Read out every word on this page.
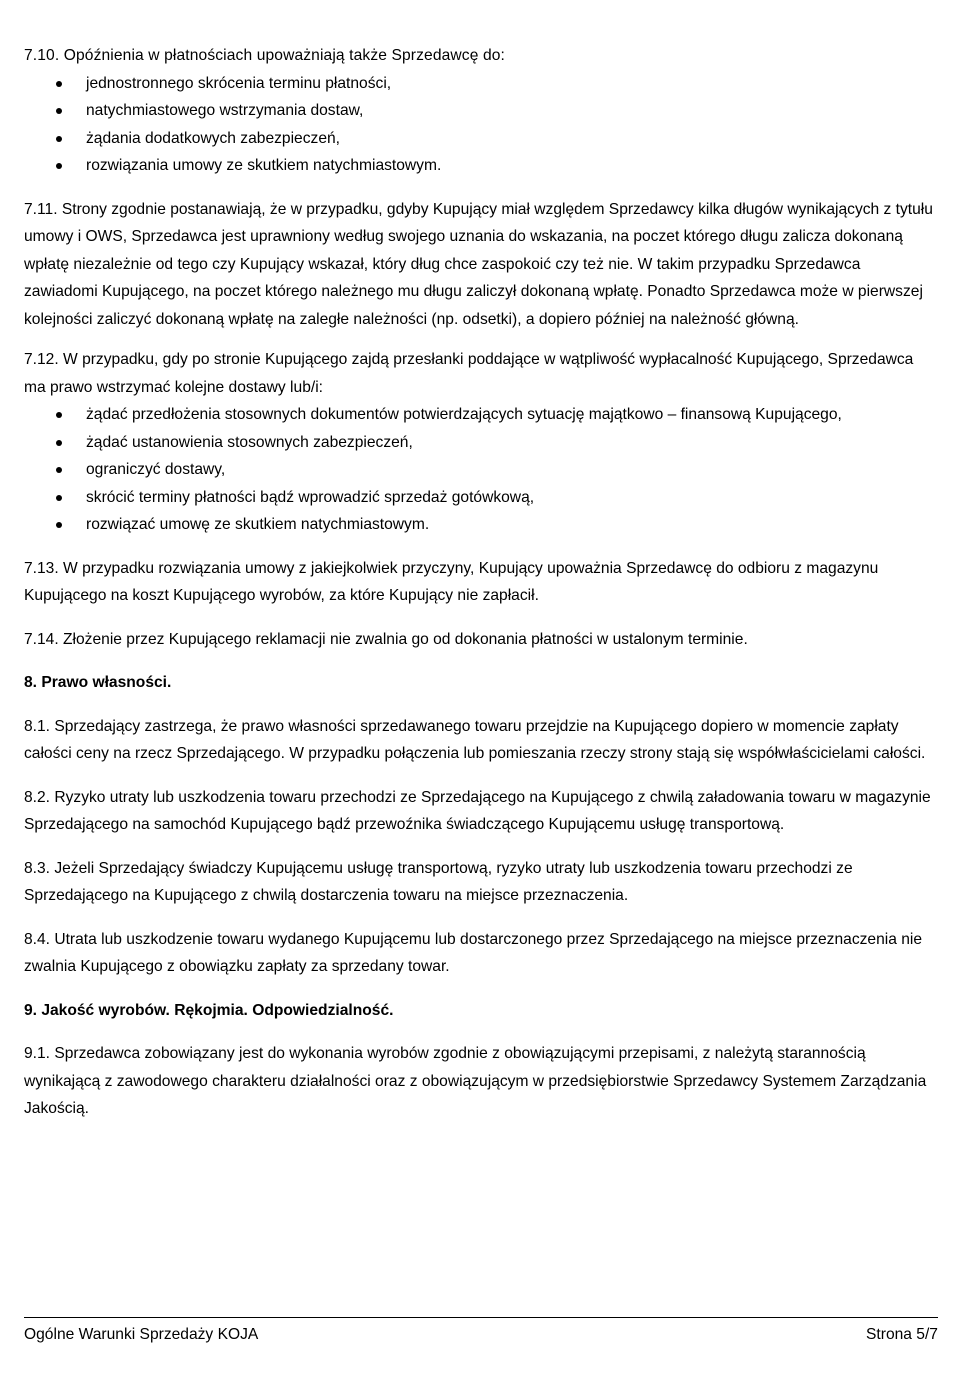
7.10. Opóźnienia w płatnościach upoważniają także Sprzedawcę do:

jednostronnego skrócenia terminu płatności,
natychmiastowego wstrzymania dostaw,
żądania dodatkowych zabezpieczeń,
rozwiązania umowy ze skutkiem natychmiastowym.

7.11. Strony zgodnie postanawiają, że w przypadku, gdyby Kupujący miał względem Sprzedawcy kilka długów wynikających z tytułu umowy i OWS, Sprzedawca jest uprawniony według swojego uznania do wskazania, na poczet którego długu zalicza dokonaną wpłatę niezależnie od tego czy Kupujący wskazał, który dług chce zaspokoić czy też nie. W takim przypadku Sprzedawca zawiadomi Kupującego, na poczet którego należnego mu długu zaliczył dokonaną wpłatę. Ponadto Sprzedawca może w pierwszej kolejności zaliczyć dokonaną wpłatę na zaległe należności (np. odsetki), a dopiero później na należność główną.

7.12. W przypadku, gdy po stronie Kupującego zajdą przesłanki poddające w wątpliwość wypłacalność Kupującego, Sprzedawca ma prawo wstrzymać kolejne dostawy lub/i:

żądać przedłożenia stosownych dokumentów potwierdzających sytuację majątkowo – finansową Kupującego,
żądać ustanowienia stosownych zabezpieczeń,
ograniczyć dostawy,
skrócić terminy płatności bądź wprowadzić sprzedaż gotówkową,
rozwiązać umowę ze skutkiem natychmiastowym.

7.13. W przypadku rozwiązania umowy z jakiejkolwiek przyczyny, Kupujący upoważnia Sprzedawcę do odbioru z magazynu Kupującego na koszt Kupującego wyrobów, za które Kupujący nie zapłacił.

7.14. Złożenie przez Kupującego reklamacji nie zwalnia go od dokonania płatności w ustalonym terminie.

8. Prawo własności.

8.1. Sprzedający zastrzega, że prawo własności sprzedawanego towaru przejdzie na Kupującego dopiero w momencie zapłaty całości ceny na rzecz Sprzedającego. W przypadku połączenia lub pomieszania rzeczy strony stają się współwłaścicielami całości.

8.2. Ryzyko utraty lub uszkodzenia towaru przechodzi ze Sprzedającego na Kupującego z chwilą załadowania towaru w magazynie Sprzedającego na samochód Kupującego bądź przewoźnika świadczącego Kupującemu usługę transportową.

8.3. Jeżeli Sprzedający świadczy Kupującemu usługę transportową, ryzyko utraty lub uszkodzenia towaru przechodzi ze Sprzedającego na Kupującego z chwilą dostarczenia towaru na miejsce przeznaczenia.

8.4. Utrata lub uszkodzenie towaru wydanego Kupującemu lub dostarczonego przez Sprzedającego na miejsce przeznaczenia nie zwalnia Kupującego z obowiązku zapłaty za sprzedany towar.

9. Jakość wyrobów. Rękojmia. Odpowiedzialność.

9.1. Sprzedawca zobowiązany jest do wykonania wyrobów zgodnie z obowiązującymi przepisami, z należytą starannością wynikającą z zawodowego charakteru działalności oraz z obowiązującym w przedsiębiorstwie Sprzedawcy Systemem Zarządzania Jakością.

Ogólne Warunki Sprzedaży KOJA	Strona 5/7
